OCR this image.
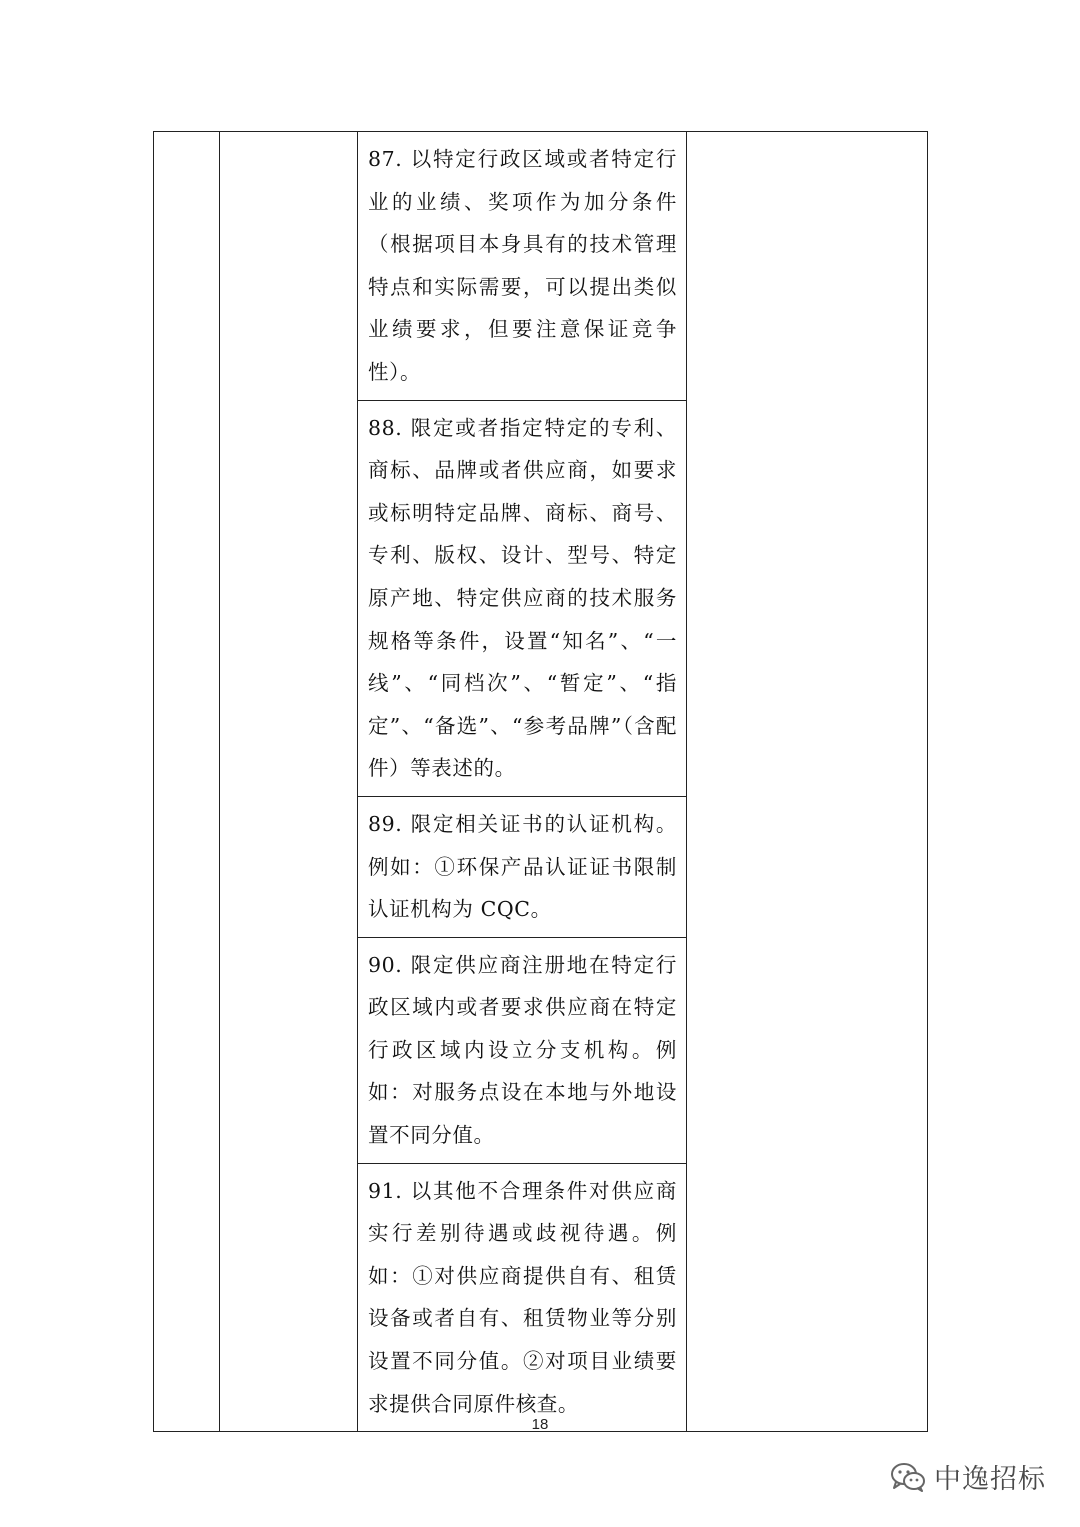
		87. 以特定行政区域或者特定行业的业绩、奖项作为加分条件（根据项目本身具有的技术管理特点和实际需要，可以提出类似业绩要求，但要注意保证竞争性）。	
88. 限定或者指定特定的专利、商标、品牌或者供应商，如要求或标明特定品牌、商标、商号、专利、版权、设计、型号、特定原产地、特定供应商的技术服务规格等条件，设置“知名”、“一线”、“同档次”、“暂定”、“指定”、“备选”、“参考品牌”（含配件）等表述的。
89. 限定相关证书的认证机构。例如：①环保产品认证证书限制认证机构为 CQC。
90. 限定供应商注册地在特定行政区域内或者要求供应商在特定行政区域内设立分支机构。例如：对服务点设在本地与外地设置不同分值。
91. 以其他不合理条件对供应商实行差别待遇或歧视待遇。例如：①对供应商提供自有、租赁设备或者自有、租赁物业等分别设置不同分值。②对项目业绩要求提供合同原件核查。
18
中逸招标
